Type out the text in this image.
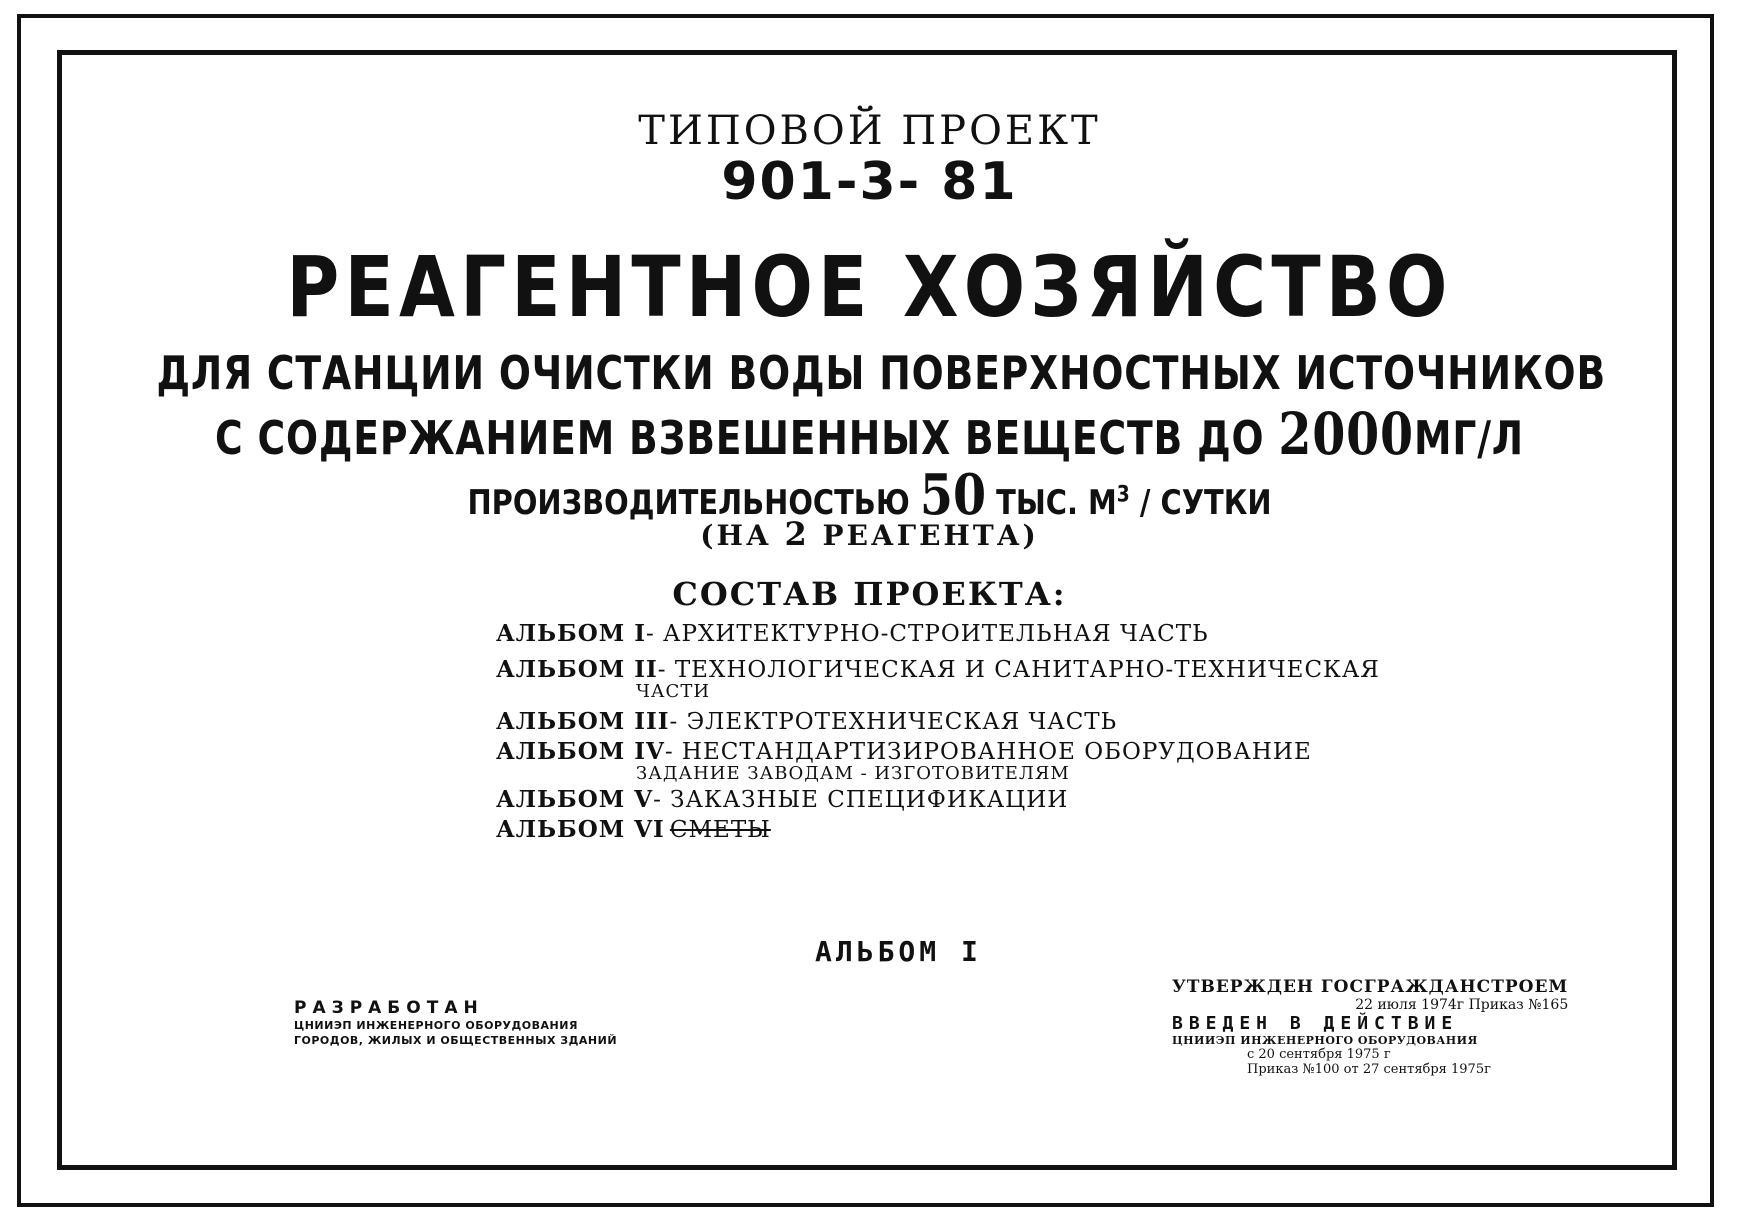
ТИПОВОЙ ПРОЕКТ
901-3- 81
РЕАГЕНТНОЕ ХОЗЯЙСТВО
ДЛЯ СТАНЦИИ ОЧИСТКИ ВОДЫ ПОВЕРХНОСТНЫХ ИСТОЧНИКОВ
С СОДЕРЖАНИЕМ ВЗВЕШЕННЫХ ВЕЩЕСТВ ДО 2000МГ/Л
ПРОИЗВОДИТЕЛЬНОСТЬЮ 50 ТЫС. $М^3$ / СУТКИ
(НА 2 РЕАГЕНТА)
СОСТАВ ПРОЕКТА:
АЛЬБОМ I- АРХИТЕКТУРНО-СТРОИТЕЛЬНАЯ ЧАСТЬ
АЛЬБОМ II- ТЕХНОЛОГИЧЕСКАЯ И САНИТАРНО-ТЕХНИЧЕСКАЯ
ЧАСТИ
АЛЬБОМ III- ЭЛЕКТРОТЕХНИЧЕСКАЯ ЧАСТЬ
АЛЬБОМ IV- НЕСТАНДАРТИЗИРОВАННОЕ ОБОРУДОВАНИЕ
ЗАДАНИЕ ЗАВОДАМ - ИЗГОТОВИТЕЛЯМ
АЛЬБОМ V- ЗАКАЗНЫЕ СПЕЦИФИКАЦИИ
АЛЬБОМ VI СМЕТЫ
АЛЬБОМ I
РАЗРАБОТАН
ЦНИИЭП ИНЖЕНЕРНОГО ОБОРУДОВАНИЯ
ГОРОДОВ, ЖИЛЫХ И ОБЩЕСТВЕННЫХ ЗДАНИЙ
УТВЕРЖДЕН ГОСГРАЖДАНСТРОЕМ
22 июля 1974г Приказ №165
ВВЕДЕН В ДЕЙСТВИЕ
ЦНИИЭП ИНЖЕНЕРНОГО ОБОРУДОВАНИЯ
с 20 сентября 1975 г
Приказ №100 от 27 сентября 1975г
